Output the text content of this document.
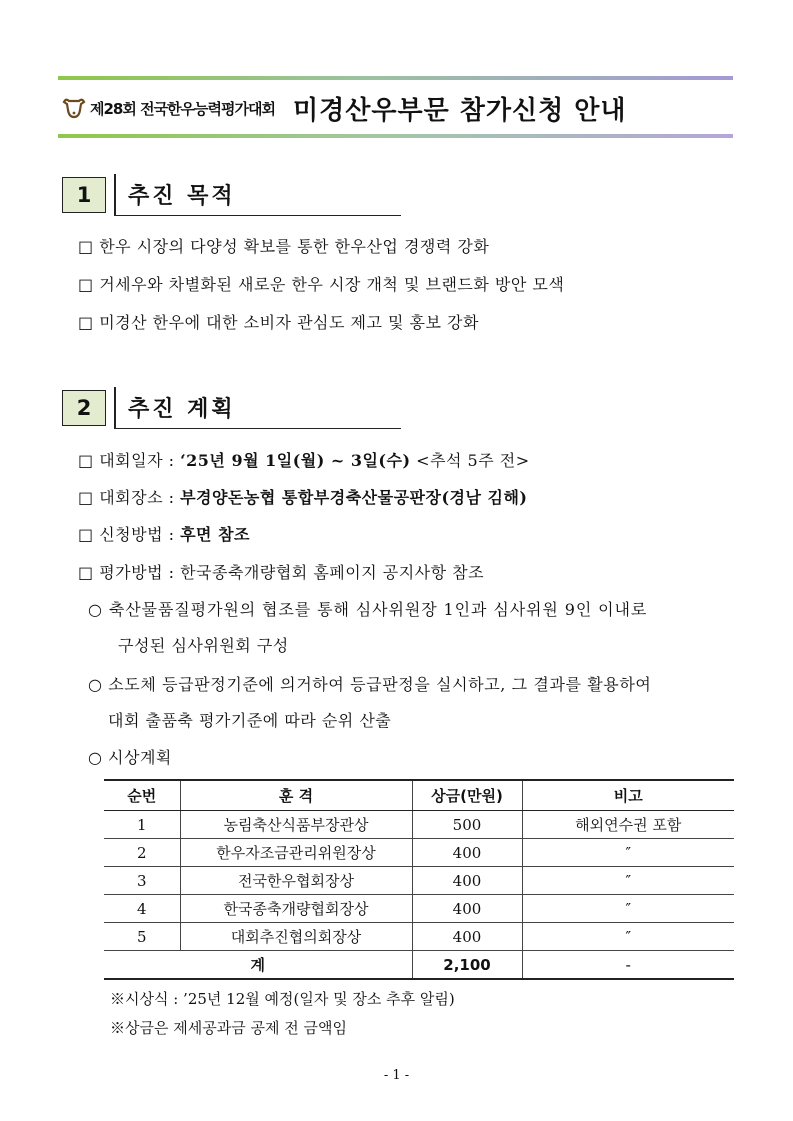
제28회 전국한우능력평가대회 미경산우부문 참가신청 안내
1	추진 목적
□ 한우 시장의 다양성 확보를 통한 한우산업 경쟁력 강화
□ 거세우와 차별화된 새로운 한우 시장 개척 및 브랜드화 방안 모색
□ 미경산 한우에 대한 소비자 관심도 제고 및 홍보 강화
2	추진 계획
□ 대회일자 : ‘25년 9월 1일(월) ~ 3일(수) <추석 5주 전>
□ 대회장소 : 부경양돈농협 통합부경축산물공판장(경남 김해)
□ 신청방법 : 후면 참조
□ 평가방법 : 한국종축개량협회 홈페이지 공지사항 참조
○ 축산물품질평가원의 협조를 통해 심사위원장 1인과 심사위원 9인 이내로
구성된 심사위원회 구성
○ 소도체 등급판정기준에 의거하여 등급판정을 실시하고, 그 결과를 활용하여
대회 출품축 평가기준에 따라 순위 산출
○ 시상계획
순번	훈 격	상금(만원)	비고
1	농림축산식품부장관상	500	해외연수권 포함
2	한우자조금관리위원장상	400	″
3	전국한우협회장상	400	″
4	한국종축개량협회장상	400	″
5	대회추진협의회장상	400	″
계		2,100	-
※시상식 : ’25년 12월 예정(일자 및 장소 추후 알림)
※상금은 제세공과금 공제 전 금액임
- 1 -
